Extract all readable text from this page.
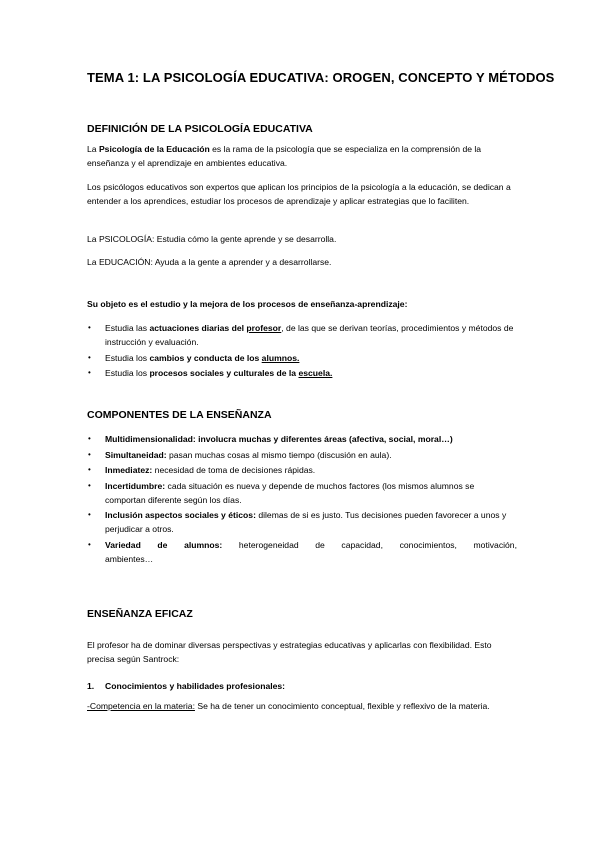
TEMA 1: LA PSICOLOGÍA EDUCATIVA: OROGEN, CONCEPTO Y MÉTODOS
DEFINICIÓN DE LA PSICOLOGÍA EDUCATIVA
La Psicología de la Educación es la rama de la psicología que se especializa en la comprensión de la enseñanza y el aprendizaje en ambientes educativa.
Los psicólogos educativos son expertos que aplican los principios de la psicología a la educación, se dedican a entender a los aprendices, estudiar los procesos de aprendizaje y aplicar estrategias que lo faciliten.
La PSICOLOGÍA: Estudia cómo la gente aprende y se desarrolla.
La EDUCACIÓN: Ayuda a la gente a aprender y a desarrollarse.
Su objeto es el estudio y la mejora de los procesos de enseñanza-aprendizaje:
• Estudia las actuaciones diarias del profesor, de las que se derivan teorías, procedimientos y métodos de instrucción y evaluación.
• Estudia los cambios y conducta de los alumnos.
• Estudia los procesos sociales y culturales de la escuela.
COMPONENTES DE LA ENSEÑANZA
• Multidimensionalidad: involucra muchas y diferentes áreas (afectiva, social, moral…)
• Simultaneidad: pasan muchas cosas al mismo tiempo (discusión en aula).
• Inmediatez: necesidad de toma de decisiones rápidas.
• Incertidumbre: cada situación es nueva y depende de muchos factores (los mismos alumnos se comportan diferente según los días.
• Inclusión aspectos sociales y éticos: dilemas de si es justo. Tus decisiones pueden favorecer a unos y perjudicar a otros.
• Variedad de alumnos: heterogeneidad de capacidad, conocimientos, motivación,
ambientes…
ENSEÑANZA EFICAZ
El profesor ha de dominar diversas perspectivas y estrategias educativas y aplicarlas con flexibilidad. Esto precisa según Santrock:
1. Conocimientos y habilidades profesionales:
-Competencia en la materia: Se ha de tener un conocimiento conceptual, flexible y reflexivo de la materia.
